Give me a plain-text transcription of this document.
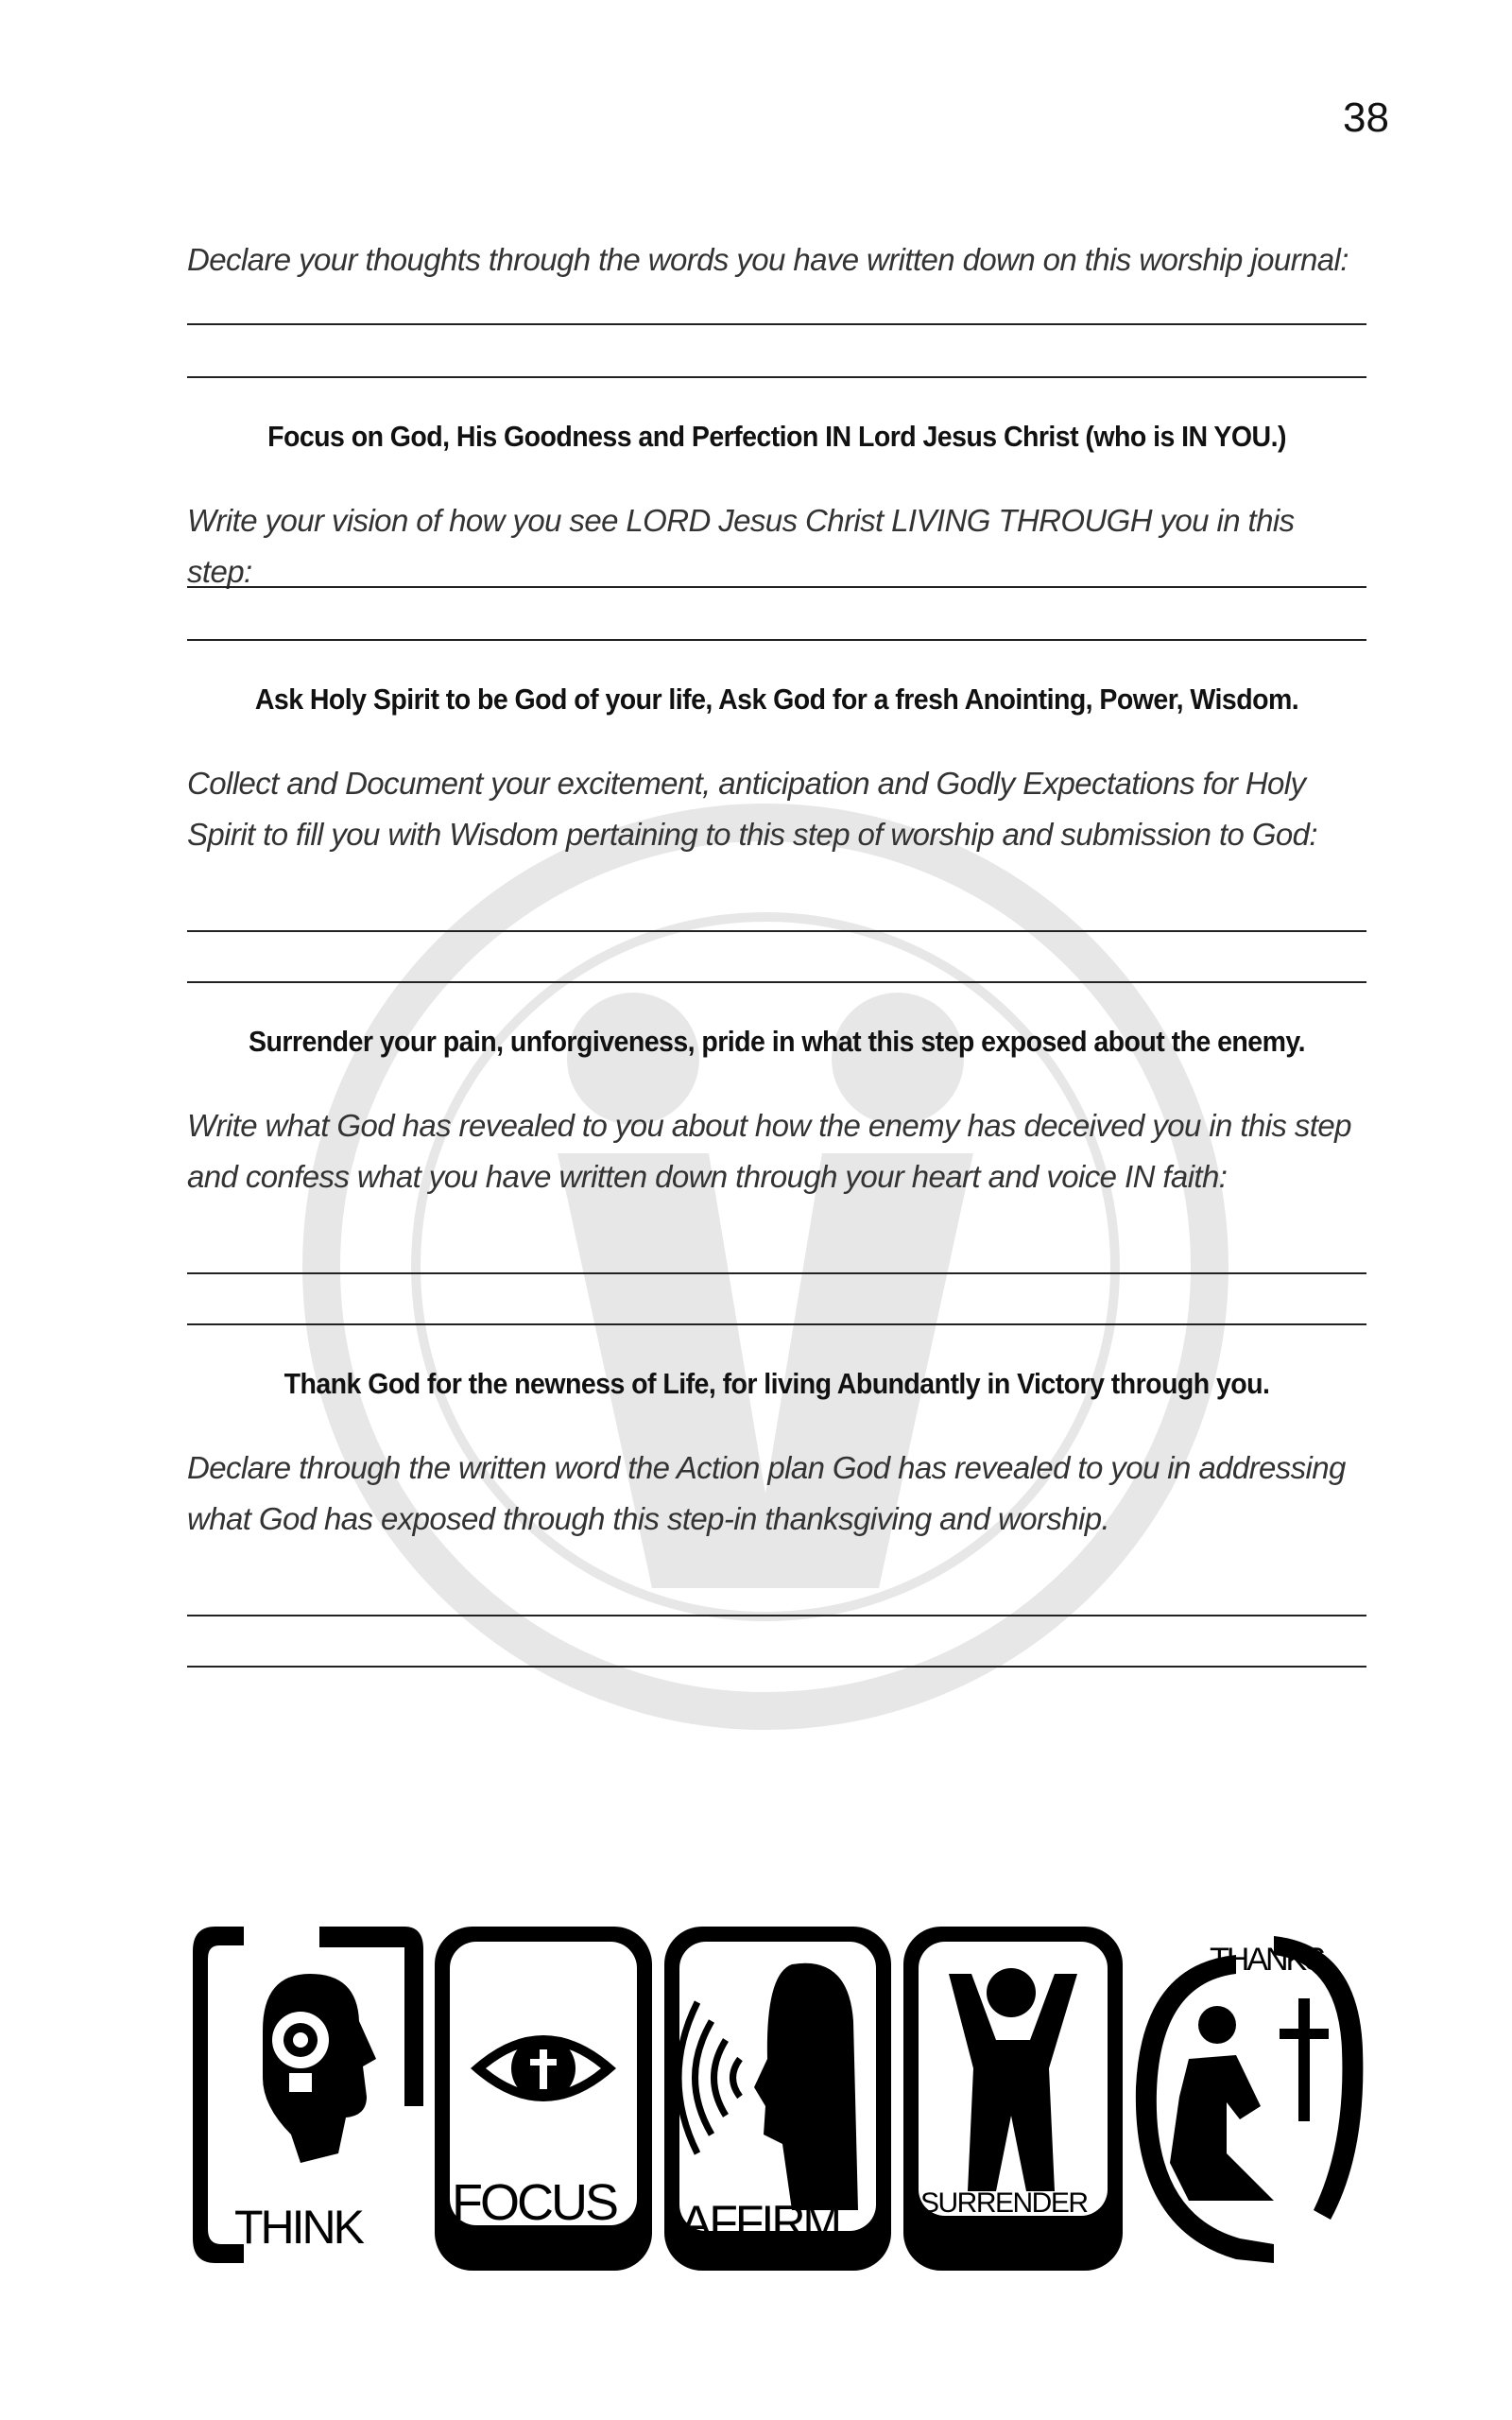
38
Declare your thoughts through the words you have written down on this worship journal:
Focus on God, His Goodness and Perfection IN Lord Jesus Christ (who is IN YOU.)
Write your vision of how you see LORD Jesus Christ LIVING THROUGH you in this step:
Ask Holy Spirit to be God of your life, Ask God for a fresh Anointing, Power, Wisdom.
Collect and Document your excitement, anticipation and Godly Expectations for Holy Spirit to fill you with Wisdom pertaining to this step of worship and submission to God:
Surrender your pain, unforgiveness, pride in what this step exposed about the enemy.
Write what God has revealed to you about how the enemy has deceived you in this step and confess what you have written down through your heart and voice IN faith:
Thank God for the newness of Life, for living Abundantly in Victory through you.
Declare through the written word the Action plan God has revealed to you in addressing what God has exposed through this step-in thanksgiving and worship.
THINK FOCUS AFFIRM	SURRENDER
THANKS
